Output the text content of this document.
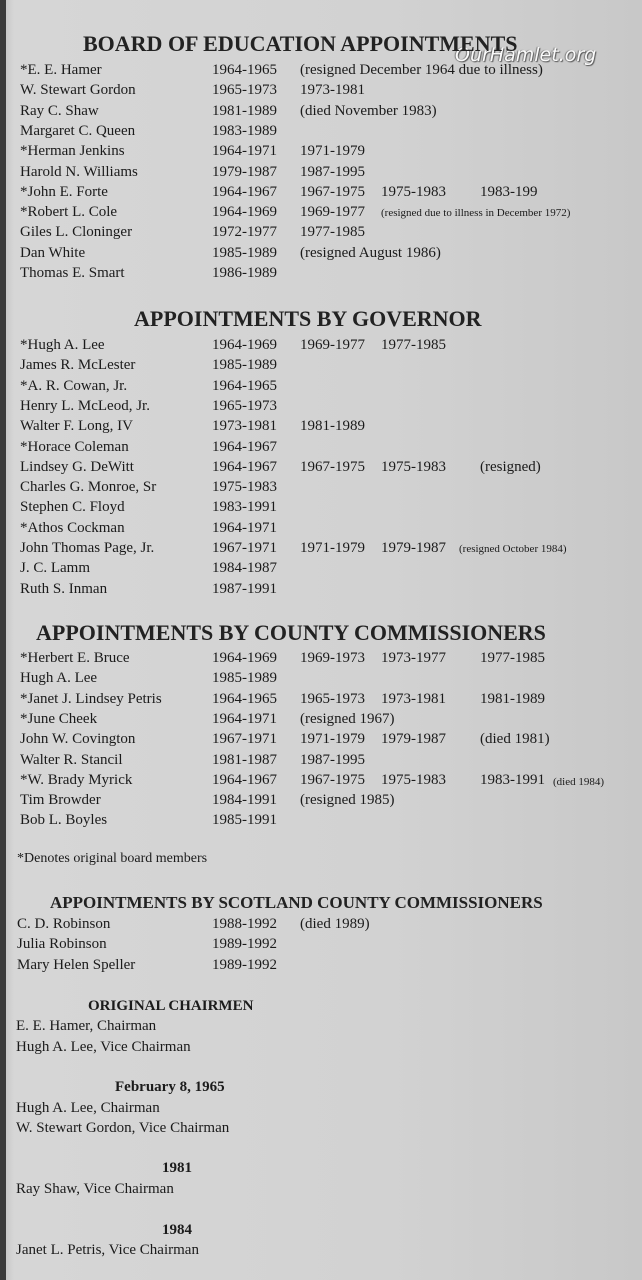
OurHamlet.org
BOARD OF EDUCATION APPOINTMENTS
*E. E. Hamer	1964-1965 (resigned December 1964 due to illness)
W. Stewart Gordon	1965-1973 1973-1981
Ray C. Shaw	1981-1989 (died November 1983)
Margaret C. Queen	1983-1989
*Herman Jenkins	1964-1971 1971-1979
Harold N. Williams	1979-1987 1987-1995
*John E. Forte	1964-1967 1967-1975 1975-1983 1983-199
*Robert L. Cole	1964-1969 1969-1977 (resigned due to illness in December 1972)
Giles L. Cloninger	1972-1977 1977-1985
Dan White	1985-1989 (resigned August 1986)
Thomas E. Smart	1986-1989
APPOINTMENTS BY GOVERNOR
*Hugh A. Lee	1964-1969 1969-1977 1977-1985
James R. McLester	1985-1989
*A. R. Cowan, Jr.	1964-1965
Henry L. McLeod, Jr.	1965-1973
Walter F. Long, IV	1973-1981 1981-1989
*Horace Coleman	1964-1967
Lindsey G. DeWitt	1964-1967 1967-1975 1975-1983 (resigned)
Charles G. Monroe, Sr	1975-1983
Stephen C. Floyd	1983-1991
*Athos Cockman	1964-1971
John Thomas Page, Jr.	1967-1971 1971-1979 1979-1987 (resigned October 1984)
J. C. Lamm	1984-1987
Ruth S. Inman	1987-1991
APPOINTMENTS BY COUNTY COMMISSIONERS
*Herbert E. Bruce	1964-1969 1969-1973 1973-1977 1977-1985
Hugh A. Lee	1985-1989
*Janet J. Lindsey Petris	1964-1965 1965-1973 1973-1981 1981-1989
*June Cheek	1964-1971 (resigned 1967)
John W. Covington	1967-1971 1971-1979 1979-1987 (died 1981)
Walter R. Stancil	1981-1987 1987-1995
*W. Brady Myrick	1964-1967 1967-1975 1975-1983 1983-1991 (died 1984)
Tim Browder	1984-1991 (resigned 1985)
Bob L. Boyles	1985-1991
*Denotes original board members
APPOINTMENTS BY SCOTLAND COUNTY COMMISSIONERS
C. D. Robinson	1988-1992 (died 1989)
Julia Robinson	1989-1992
Mary Helen Speller	1989-1992
ORIGINAL CHAIRMEN
E. E. Hamer, Chairman
Hugh A. Lee, Vice Chairman
February 8, 1965
Hugh A. Lee, Chairman
W. Stewart Gordon, Vice Chairman
1981
Ray Shaw, Vice Chairman
1984
Janet L. Petris, Vice Chairman
